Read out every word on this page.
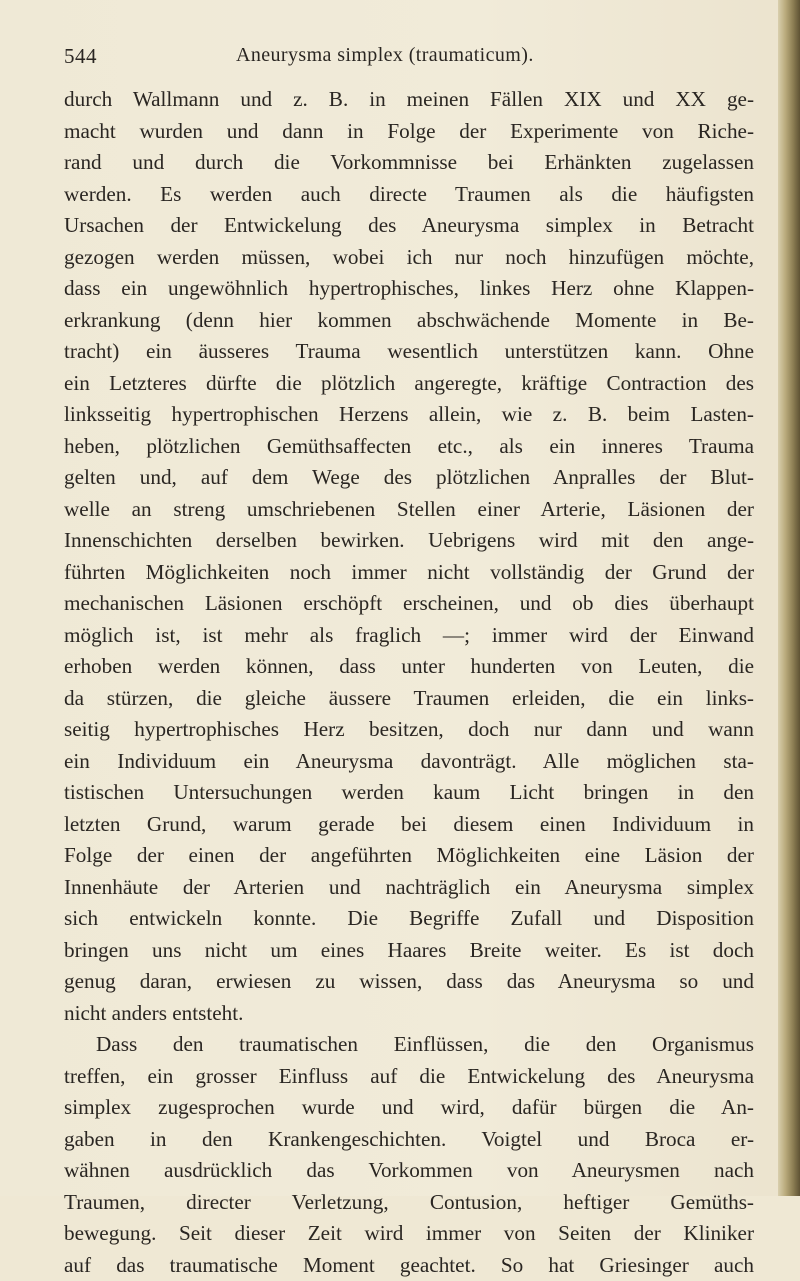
544	Aneurysma simplex (traumaticum).
durch Wallmann und z. B. in meinen Fällen XIX und XX ge-
macht wurden und dann in Folge der Experimente von Riche-
rand und durch die Vorkommnisse bei Erhänkten zugelassen
werden. Es werden auch directe Traumen als die häufigsten
Ursachen der Entwickelung des Aneurysma simplex in Betracht
gezogen werden müssen, wobei ich nur noch hinzufügen möchte,
dass ein ungewöhnlich hypertrophisches, linkes Herz ohne Klappen-
erkrankung (denn hier kommen abschwächende Momente in Be-
tracht) ein äusseres Trauma wesentlich unterstützen kann. Ohne
ein Letzteres dürfte die plötzlich angeregte, kräftige Contraction des
linksseitig hypertrophischen Herzens allein, wie z. B. beim Lasten-
heben, plötzlichen Gemüthsaffecten etc., als ein inneres Trauma
gelten und, auf dem Wege des plötzlichen Anpralles der Blut-
welle an streng umschriebenen Stellen einer Arterie, Läsionen der
Innenschichten derselben bewirken. Uebrigens wird mit den ange-
führten Möglichkeiten noch immer nicht vollständig der Grund der
mechanischen Läsionen erschöpft erscheinen, und ob dies überhaupt
möglich ist, ist mehr als fraglich —; immer wird der Einwand
erhoben werden können, dass unter hunderten von Leuten, die
da stürzen, die gleiche äussere Traumen erleiden, die ein links-
seitig hypertrophisches Herz besitzen, doch nur dann und wann
ein Individuum ein Aneurysma davonträgt. Alle möglichen sta-
tistischen Untersuchungen werden kaum Licht bringen in den
letzten Grund, warum gerade bei diesem einen Individuum in
Folge der einen der angeführten Möglichkeiten eine Läsion der
Innenhäute der Arterien und nachträglich ein Aneurysma simplex
sich entwickeln konnte. Die Begriffe Zufall und Disposition
bringen uns nicht um eines Haares Breite weiter. Es ist doch
genug daran, erwiesen zu wissen, dass das Aneurysma so und
nicht anders entsteht.
Dass den traumatischen Einflüssen, die den Organismus
treffen, ein grosser Einfluss auf die Entwickelung des Aneurysma
simplex zugesprochen wurde und wird, dafür bürgen die An-
gaben in den Krankengeschichten. Voigtel und Broca er-
wähnen ausdrücklich das Vorkommen von Aneurysmen nach
Traumen, directer Verletzung, Contusion, heftiger Gemüths-
bewegung. Seit dieser Zeit wird immer von Seiten der Kliniker
auf das traumatische Moment geachtet. So hat Griesinger auch
